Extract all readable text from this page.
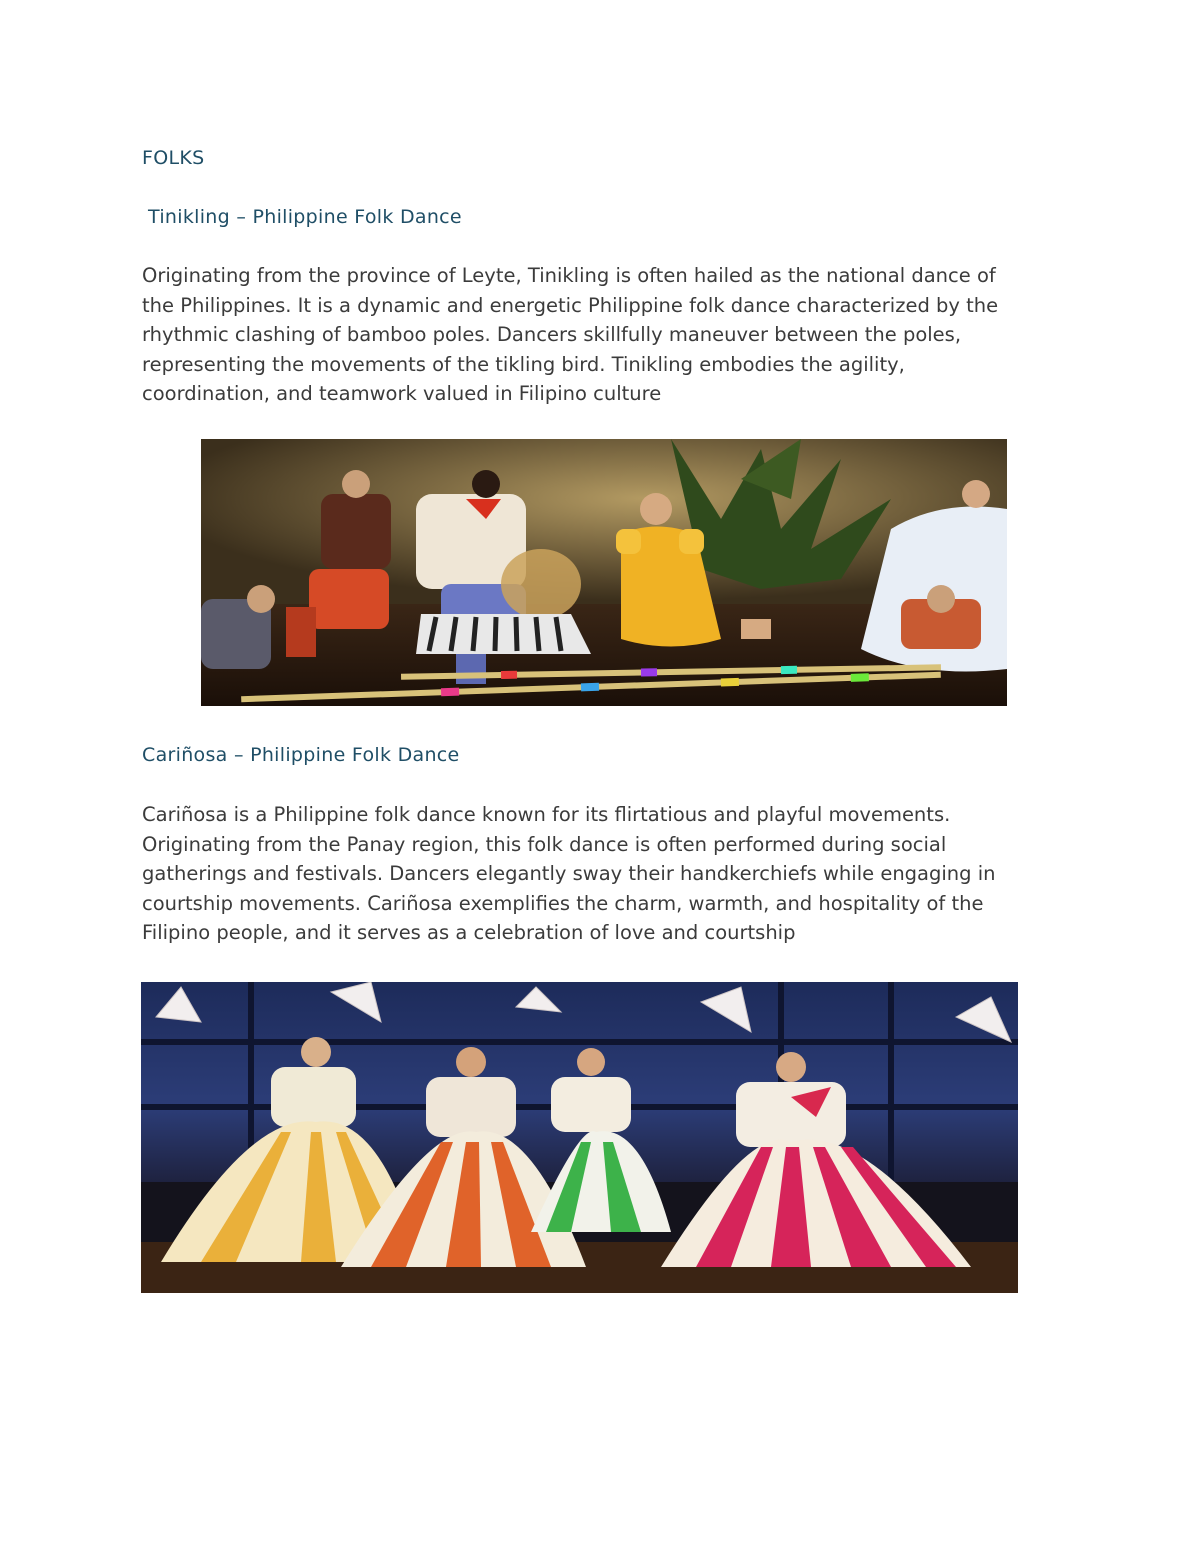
FOLKS
Tinikling – Philippine Folk Dance
Originating from the province of Leyte, Tinikling is often hailed as the national dance of
the Philippines. It is a dynamic and energetic Philippine folk dance characterized by the
rhythmic clashing of bamboo poles. Dancers skillfully maneuver between the poles,
representing the movements of the tikling bird. Tinikling embodies the agility,
coordination, and teamwork valued in Filipino culture
Cariñosa – Philippine Folk Dance
Cariñosa is a Philippine folk dance known for its flirtatious and playful movements.
Originating from the Panay region, this folk dance is often performed during social
gatherings and festivals. Dancers elegantly sway their handkerchiefs while engaging in
courtship movements. Cariñosa exemplifies the charm, warmth, and hospitality of the
Filipino people, and it serves as a celebration of love and courtship
